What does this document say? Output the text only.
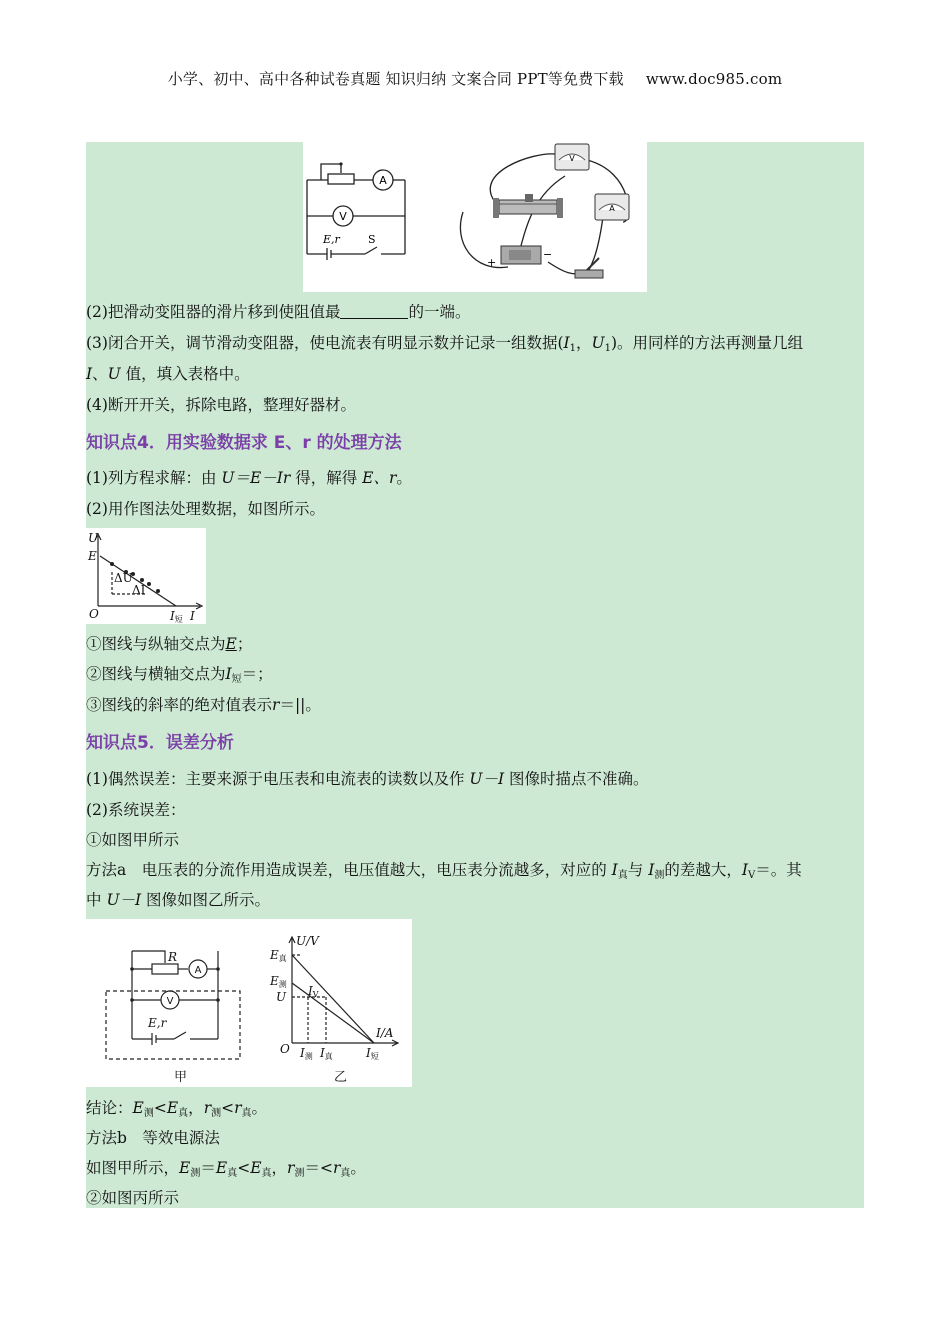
小学、初中、高中各种试卷真题 知识归纳 文案合同 PPT等免费下载 www.doc985.com
A
V
E,r	S
V
A
+
−
(2)把滑动变阻器的滑片移到使阻值最	的一端。
(3)闭合开关，调节滑动变阻器，使电流表有明显示数并记录一组数据($I_1$，$U_1$)。用同样的方法再测量几组
I、U 值，填入表格中。
(4)断开开关，拆除电路，整理好器材。
知识点4．用实验数据求 E、r 的处理方法
(1)列方程求解：由 U＝E－Ir 得，解得 E、r。
(2)用作图法处理数据，如图所示。
U
E
ΔU
ΔI
O	I短 I
①图线与纵轴交点为E；
②图线与横轴交点为$I_短=$；
③图线的斜率的绝对值表示r＝||。
知识点5．误差分析
(1)偶然误差：主要来源于电压表和电流表的读数以及作 U－I 图像时描点不准确。
(2)系统误差：
①如图甲所示
方法a　电压表的分流作用造成误差，电压值越大，电压表分流越多，对应的 $I_真$与 $I_测$的差越大，$I_V=$。其
中 U－I 图像如图乙所示。
R
A
V
E,r
甲	乙
U/V
E真
E测
U IV
I/A
O I测 I真	I短
结论：$E_测<E_真$，$r_测<r_真$。
方法b　等效电源法
如图甲所示，$E_测=E_真<E_真$，$r_测=<r_真$。
②如图丙所示
